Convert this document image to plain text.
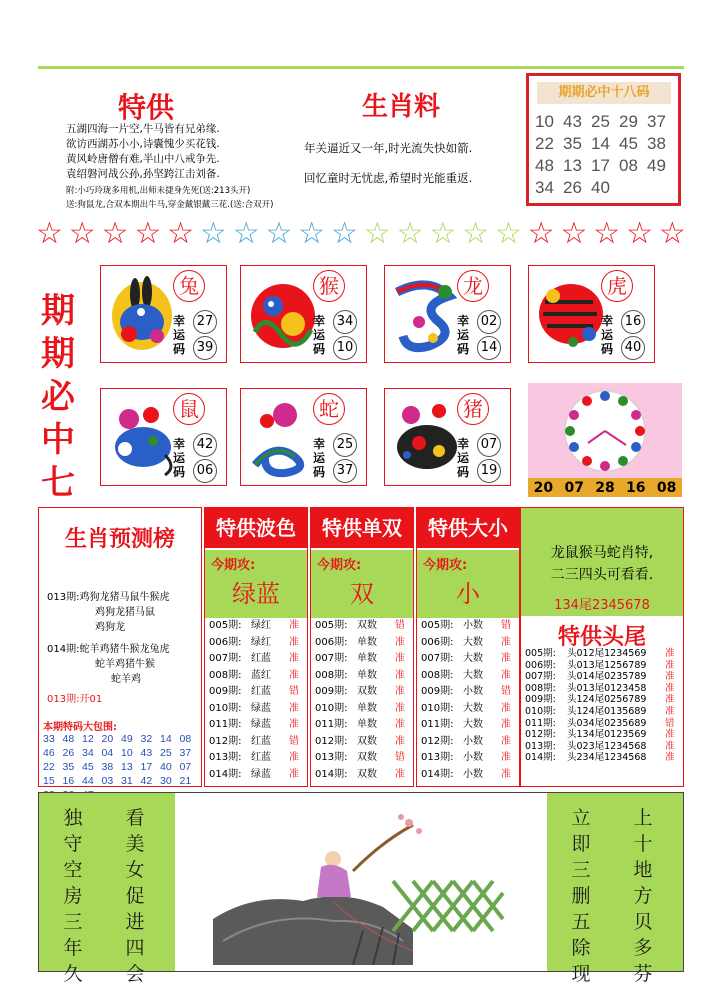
特供
五湖四海一片空,牛马皆有兄弟缘.
欲访西湖苏小小,诗囊愧少买花钱.
黄风岭唐僧有难,半山中八戒争先.
袁绍磐河战公孙,孙坚跨江击刘备.
附:小巧玲珑多用机,出师未捷身先死(送:213头开)
送:狗鼠龙,合双本期出牛马,穿金戴银戴三花.(送:合双开)
生肖料
年关逼近又一年,时光流失快如箭.
回忆童时无忧虑,希望时光能重返.
期期必中十八码
10 43 25 29 37
22 35 14 45 38
48 13 17 08 49
34 26 40
☆ ☆ ☆ ☆ ☆ ☆ ☆ ☆ ☆ ☆ ☆ ☆ ☆ ☆ ☆ ☆ ☆ ☆ ☆ ☆
期
期
必
中
七
兔
幸
运
码
27
39
猴
幸
运
码
34
10
龙
幸
运
码
02
14
虎
幸
运
码
16
40
鼠
幸
运
码
42
06
蛇
幸
运
码
25
37
猪
幸
运
码
07
19
20 07 28 16 08
生肖预测榜
013期:鸡狗龙猪马鼠牛猴虎
鸡狗龙猪马鼠
鸡狗龙
014期:蛇羊鸡猪牛猴龙兔虎
蛇羊鸡猪牛猴
蛇羊鸡
013期:开01
本期特码大包围:
33 48 12 20 49 32 14 08
46 26 34 04 10 43 25 37
22 35 45 38 13 17 40 07
15 16 44 03 31 42 30 21
特供波色
今期攻:
绿蓝
005期: 绿红	准
006期: 绿红	准
007期: 红蓝	准
008期: 蓝红	准
009期: 红蓝	错
010期: 绿蓝	准
011期: 绿蓝	准
012期: 红蓝	错
013期: 红蓝	准
014期: 绿蓝	准
特供单双
今期攻:
双
005期: 双数	错
006期: 单数	准
007期: 单数	准
008期: 单数	准
009期: 双数	准
010期: 单数	准
011期: 单数	准
012期: 双数	准
013期: 双数	错
014期: 双数	准
特供大小
今期攻:
小
005期: 小数	错
006期: 大数	准
007期: 大数	准
008期: 大数	准
009期: 小数	错
010期: 大数	准
011期: 大数	准
012期: 小数	准
013期: 小数	准
014期: 小数	准
龙鼠猴马蛇肖特,
二三四头可看看.
134尾2345678
特供头尾
005期:	头012尾1234569	准
006期:	头013尾1256789	准
007期:	头014尾0235789	准
008期:	头013尾0123458	准
009期:	头124尾0256789	准
010期:	头124尾0135689	准
011期:	头034尾0235689	错
012期:	头134尾0123569	准
013期:	头023尾1234568	准
014期:	头234尾1234568	准
独
守
空
房
三
年
久
看
美
女
促
进
四
会
立
即
三
删
五
除
现
上
十
地
方
贝
多
芬
